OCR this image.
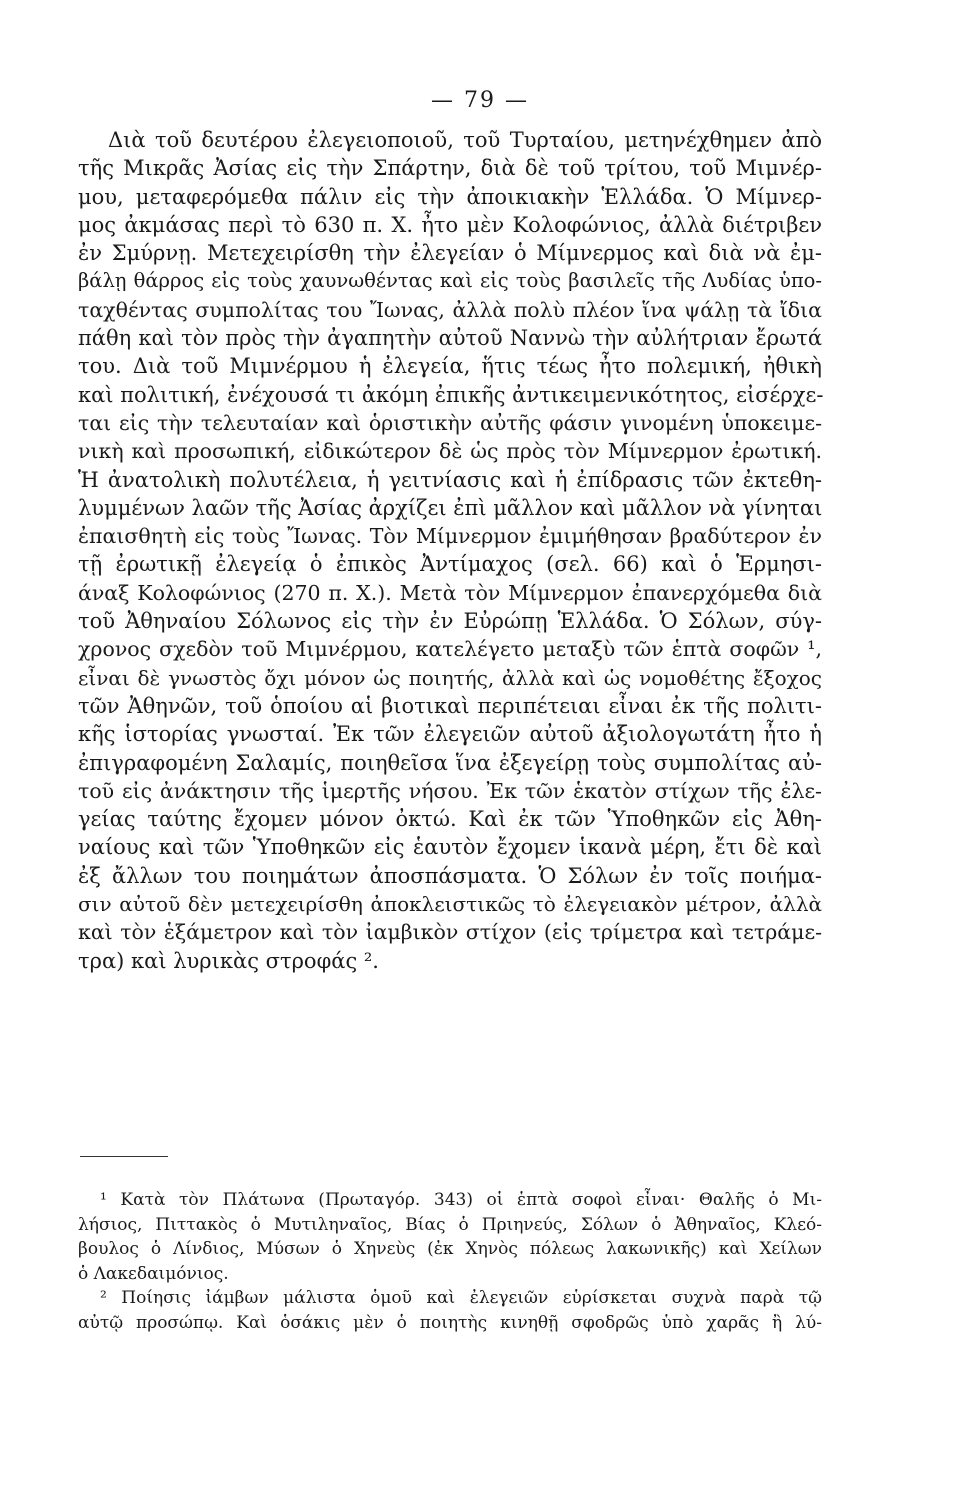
— 79 —
Διὰ τοῦ δευτέρου ἐλεγειοποιοῦ, τοῦ Τυρταίου, μετηνέχθημεν ἀπὸ
τῆς Μικρᾶς Ἀσίας εἰς τὴν Σπάρτην, διὰ δὲ τοῦ τρίτου, τοῦ Μιμνέρ-
μου, μεταφερόμεθα πάλιν εἰς τὴν ἀποικιακὴν Ἑλλάδα. Ὁ Μίμνερ-
μος ἀκμάσας περὶ τὸ 630 π. Χ. ἦτο μὲν Κολοφώνιος, ἀλλὰ διέτριβεν
ἐν Σμύρνῃ. Μετεχειρίσθη τὴν ἐλεγείαν ὁ Μίμνερμος καὶ διὰ νὰ ἐμ-
βάλῃ θάρρος εἰς τοὺς χαυνωθέντας καὶ εἰς τοὺς βασιλεῖς τῆς Λυδίας ὑπο-
ταχθέντας συμπολίτας του Ἴωνας, ἀλλὰ πολὺ πλέον ἵνα ψάλῃ τὰ ἴδια
πάθη καὶ τὸν πρὸς τὴν ἀγαπητὴν αὐτοῦ Ναννὼ τὴν αὐλήτριαν ἔρωτά
του. Διὰ τοῦ Μιμνέρμου ἡ ἐλεγεία, ἥτις τέως ἦτο πολεμική, ἠθικὴ
καὶ πολιτική, ἐνέχουσά τι ἀκόμη ἐπικῆς ἀντικειμενικότητος, εἰσέρχε-
ται εἰς τὴν τελευταίαν καὶ ὁριστικὴν αὐτῆς φάσιν γινομένη ὑποκειμε-
νικὴ καὶ προσωπική, εἰδικώτερον δὲ ὡς πρὸς τὸν Μίμνερμον ἐρωτική.
Ἡ ἀνατολικὴ πολυτέλεια, ἡ γειτνίασις καὶ ἡ ἐπίδρασις τῶν ἐκτεθη-
λυμμένων λαῶν τῆς Ἀσίας ἀρχίζει ἐπὶ μᾶλλον καὶ μᾶλλον νὰ γίνηται
ἐπαισθητὴ εἰς τοὺς Ἴωνας. Τὸν Μίμνερμον ἐμιμήθησαν βραδύτερον ἐν
τῇ ἐρωτικῇ ἐλεγείᾳ ὁ ἐπικὸς Ἀντίμαχος (σελ. 66) καὶ ὁ Ἑρμησι-
άναξ Κολοφώνιος (270 π. Χ.). Μετὰ τὸν Μίμνερμον ἐπανερχόμεθα διὰ
τοῦ Ἀθηναίου Σόλωνος εἰς τὴν ἐν Εὐρώπῃ Ἑλλάδα. Ὁ Σόλων, σύγ-
χρονος σχεδὸν τοῦ Μιμνέρμου, κατελέγετο μεταξὺ τῶν ἑπτὰ σοφῶν ¹,
εἶναι δὲ γνωστὸς ὄχι μόνον ὡς ποιητής, ἀλλὰ καὶ ὡς νομοθέτης ἔξοχος
τῶν Ἀθηνῶν, τοῦ ὁποίου αἱ βιοτικαὶ περιπέτειαι εἶναι ἐκ τῆς πολιτι-
κῆς ἱστορίας γνωσταί. Ἐκ τῶν ἐλεγειῶν αὐτοῦ ἀξιολογωτάτη ἦτο ἡ
ἐπιγραφομένη Σαλαμίς, ποιηθεῖσα ἵνα ἐξεγείρῃ τοὺς συμπολίτας αὐ-
τοῦ εἰς ἀνάκτησιν τῆς ἱμερτῆς νήσου. Ἐκ τῶν ἑκατὸν στίχων τῆς ἐλε-
γείας ταύτης ἔχομεν μόνον ὀκτώ. Καὶ ἐκ τῶν Ὑποθηκῶν εἰς Ἀθη-
ναίους καὶ τῶν Ὑποθηκῶν εἰς ἑαυτὸν ἔχομεν ἱκανὰ μέρη, ἔτι δὲ καὶ
ἐξ ἄλλων του ποιημάτων ἀποσπάσματα. Ὁ Σόλων ἐν τοῖς ποιήμα-
σιν αὐτοῦ δὲν μετεχειρίσθη ἀποκλειστικῶς τὸ ἐλεγειακὸν μέτρον, ἀλλὰ
καὶ τὸν ἑξάμετρον καὶ τὸν ἰαμβικὸν στίχον (εἰς τρίμετρα καὶ τετράμε-
τρα) καὶ λυρικὰς στροφάς ².
¹ Κατὰ τὸν Πλάτωνα (Πρωταγόρ. 343) οἱ ἑπτὰ σοφοὶ εἶναι· Θαλῆς ὁ Μι-
λήσιος, Πιττακὸς ὁ Μυτιληναῖος, Βίας ὁ Πριηνεύς, Σόλων ὁ Ἀθηναῖος, Κλεό-
βουλος ὁ Λίνδιος, Μύσων ὁ Χηνεὺς (ἐκ Χηνὸς πόλεως λακωνικῆς) καὶ Χείλων
ὁ Λακεδαιμόνιος.
² Ποίησις ἰάμβων μάλιστα ὁμοῦ καὶ ἐλεγειῶν εὑρίσκεται συχνὰ παρὰ τῷ
αὐτῷ προσώπῳ. Καὶ ὁσάκις μὲν ὁ ποιητὴς κινηθῇ σφοδρῶς ὑπὸ χαρᾶς ἢ λύ-
